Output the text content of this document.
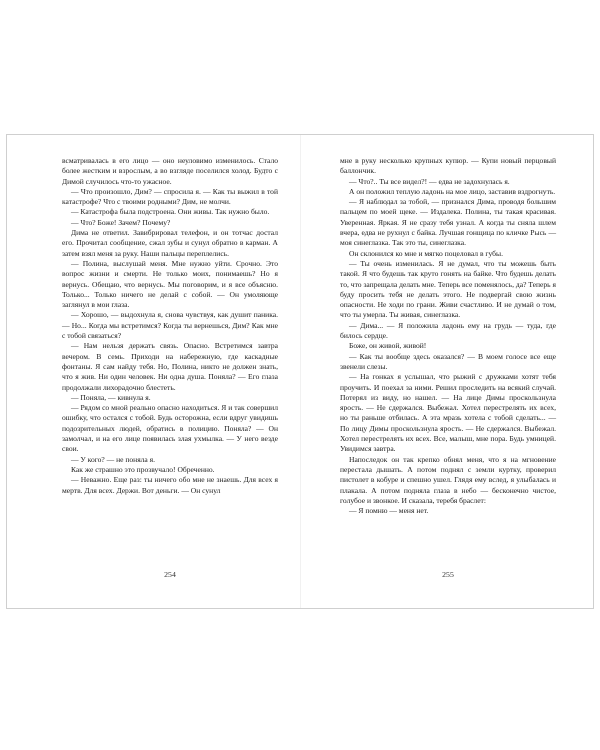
всматривалась в его лицо — оно неуловимо изменилось. Стало более жестким и взрослым, а во взгляде поселился холод. Будто с Димой случилось что-то ужасное.

— Что произошло, Дим? — спросила я. — Как ты выжил в той катастрофе? Что с твоими родными? Дим, не молчи.

— Катастрофа была подстроена. Они живы. Так нужно было.

— Что? Боже! Зачем? Почему?

Дима не ответил. Завибрировал телефон, и он тотчас достал его. Прочитал сообщение, сжал зубы и сунул обратно в карман. А затем взял меня за руку. Наши пальцы переплелись.

— Полина, выслушай меня. Мне нужно уйти. Срочно. Это вопрос жизни и смерти. Не только моих, понимаешь? Но я вернусь. Обещаю, что вернусь. Мы поговорим, и я все объясню. Только... Только ничего не делай с собой. — Он умоляюще заглянул в мои глаза.

— Хорошо, — выдохнула я, снова чувствуя, как душит паника. — Но... Когда мы встретимся? Когда ты вернешься, Дим? Как мне с тобой связаться?

— Нам нельзя держать связь. Опасно. Встретимся завтра вечером. В семь. Приходи на набережную, где каскадные фонтаны. Я сам найду тебя. Но, Полина, никто не должен знать, что я жив. Ни один человек. Ни одна душа. Поняла? — Его глаза продолжали лихорадочно блестеть.

— Поняла, — кивнула я.

— Рядом со мной реально опасно находиться. Я и так совершил ошибку, что остался с тобой. Будь осторожна, если вдруг увидишь подозрительных людей, обратись в полицию. Поняла? — Он замолчал, и на его лице появилась злая ухмылка. — У него везде свои.

— У кого? — не поняла я.

Как же страшно это прозвучало! Обреченно.

— Неважно. Еще раз: ты ничего обо мне не знаешь. Для всех я мертв. Для всех. Держи. Вот деньги. — Он сунул

254

мне в руку несколько крупных купюр. — Купи новый перцовый баллончик.

— Что?.. Ты все видел?! — едва не задохнулась я.

А он положил теплую ладонь на мое лицо, заставив вздрогнуть.

— Я наблюдал за тобой, — признался Дима, проводя большим пальцем по моей щеке. — Издалека. Полина, ты такая красивая. Уверенная. Яркая. Я не сразу тебя узнал. А когда ты сняла шлем вчера, едва не рухнул с байка. Лучшая гонщица по кличке Рысь — моя синеглазка. Так это ты, синеглазка.

Он склонился ко мне и мягко поцеловал в губы.

— Ты очень изменилась. Я не думал, что ты можешь быть такой. Я что будешь так круто гонять на байке. Что будешь делать то, что запрещала делать мне. Теперь все поменялось, да? Теперь я буду просить тебя не делать этого. Не подвергай свою жизнь опасности. Не ходи по грани. Живи счастливо. И не думай о том, что ты умерла. Ты живая, синеглазка.

— Дима... — Я положила ладонь ему на грудь — туда, где билось сердце.

Боже, он живой, живой!

— Как ты вообще здесь оказался? — В моем голосе все еще звенели слезы.

— На гонках я услышал, что рыжий с дружками хотят тебя проучить. И поехал за ними. Решил проследить на всякий случай. Потерял из виду, но нашел. — На лице Димы проскользнула ярость. — Не сдержался. Выбежал. Хотел перестрелять их всех, но ты раньше отбилась. А эта мразь хотела с тобой сделать... — По лицу Димы проскользнула ярость. — Не сдержался. Выбежал. Хотел перестрелять их всех. Все, малыш, мне пора. Будь умницей. Увидимся завтра.

Напоследок он так крепко обнял меня, что я на мгновение перестала дышать. А потом поднял с земли куртку, проверил пистолет в кобуре и спешно ушел. Глядя ему вслед, я улыбалась и плакала. А потом подняла глаза в небо — бесконечно чистое, голубое и звонкое. И сказала, теребя браслет:

— Я помню — меня нет.

255
